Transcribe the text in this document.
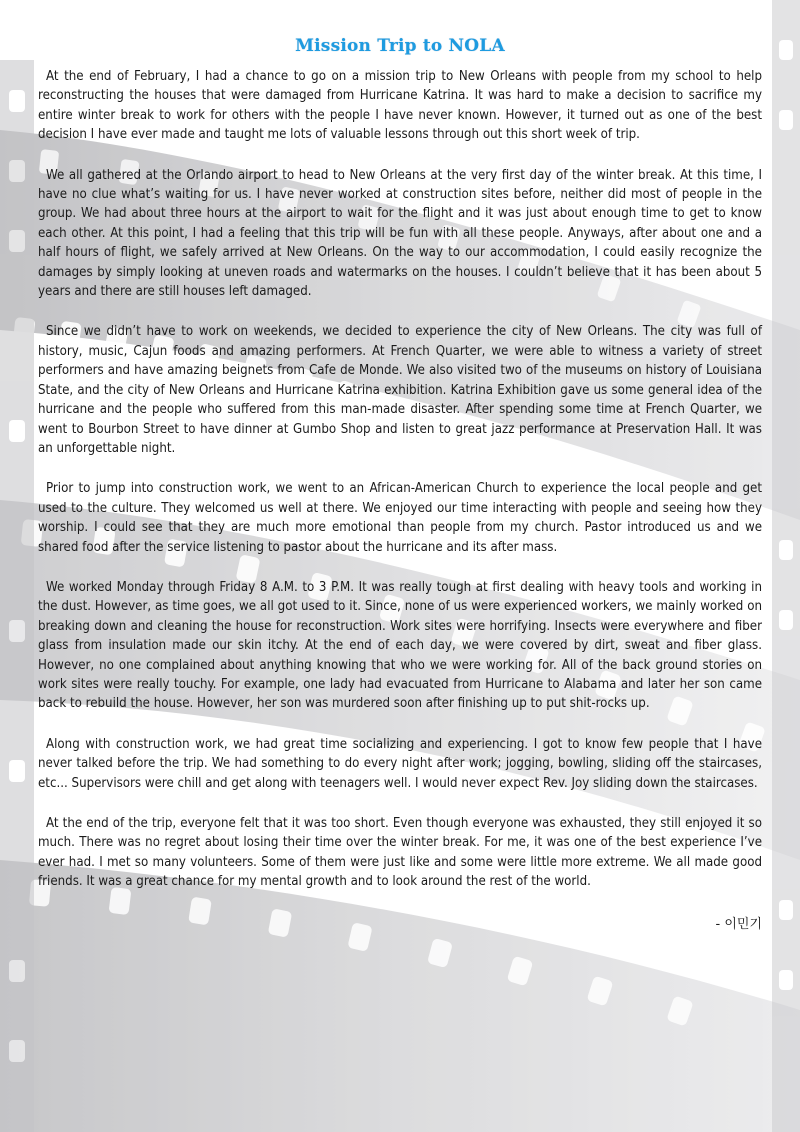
Mission Trip to NOLA

At the end of February, I had a chance to go on a mission trip to New Orleans with people from my school to help reconstructing the houses that were damaged from Hurricane Katrina. It was hard to make a decision to sacrifice my entire winter break to work for others with the people I have never known. However, it turned out as one of the best decision I have ever made and taught me lots of valuable lessons through out this short week of trip.

We all gathered at the Orlando airport to head to New Orleans at the very first day of the winter break. At this time, I have no clue what’s waiting for us. I have never worked at construction sites before, neither did most of people in the group. We had about three hours at the airport to wait for the flight and it was just about enough time to get to know each other. At this point, I had a feeling that this trip will be fun with all these people. Anyways, after about one and a half hours of flight, we safely arrived at New Orleans. On the way to our accommodation, I could easily recognize the damages by simply looking at uneven roads and watermarks on the houses. I couldn’t believe that it has been about 5 years and there are still houses left damaged.

Since we didn’t have to work on weekends, we decided to experience the city of New Orleans. The city was full of history, music, Cajun foods and amazing performers. At French Quarter, we were able to witness a variety of street performers and have amazing beignets from Cafe de Monde. We also visited two of the museums on history of Louisiana State, and the city of New Orleans and Hurricane Katrina exhibition. Katrina Exhibition gave us some general idea of the hurricane and the people who suffered from this man-made disaster. After spending some time at French Quarter, we went to Bourbon Street to have dinner at Gumbo Shop and listen to great jazz performance at Preservation Hall. It was an unforgettable night.

Prior to jump into construction work, we went to an African-American Church to experience the local people and get used to the culture. They welcomed us well at there. We enjoyed our time interacting with people and seeing how they worship. I could see that they are much more emotional than people from my church. Pastor introduced us and we shared food after the service listening to pastor about the hurricane and its after mass.

We worked Monday through Friday 8 A.M. to 3 P.M. It was really tough at first dealing with heavy tools and working in the dust. However, as time goes, we all got used to it. Since, none of us were experienced workers, we mainly worked on breaking down and cleaning the house for reconstruction. Work sites were horrifying. Insects were everywhere and fiber glass from insulation made our skin itchy. At the end of each day, we were covered by dirt, sweat and fiber glass. However, no one complained about anything knowing that who we were working for. All of the back ground stories on work sites were really touchy. For example, one lady had evacuated from Hurricane to Alabama and later her son came back to rebuild the house. However, her son was murdered soon after finishing up to put shit-rocks up.

Along with construction work, we had great time socializing and experiencing. I got to know few people that I have never talked before the trip. We had something to do every night after work; jogging, bowling, sliding off the staircases, etc... Supervisors were chill and get along with teenagers well. I would never expect Rev. Joy sliding down the staircases.

At the end of the trip, everyone felt that it was too short. Even though everyone was exhausted, they still enjoyed it so much. There was no regret about losing their time over the winter break. For me, it was one of the best experience I’ve ever had. I met so many volunteers. Some of them were just like and some were little more extreme. We all made good friends. It was a great chance for my mental growth and to look around the rest of the world.

- 이민기
